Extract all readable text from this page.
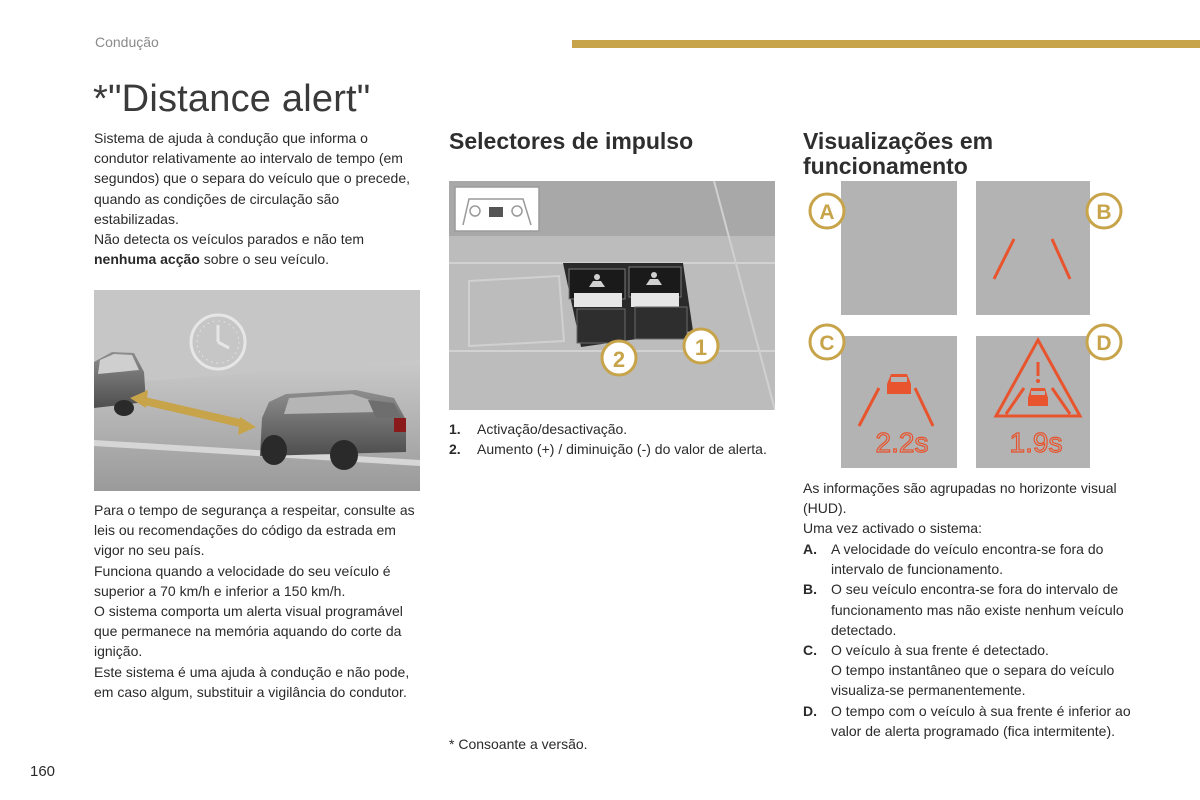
Condução
*"Distance alert"

Sistema de ajuda à condução que informa o condutor relativamente ao intervalo de tempo (em segundos) que o separa do veículo que o precede, quando as condições de circulação são estabilizadas.

Não detecta os veículos parados e não tem nenhuma acção sobre o seu veículo.

Para o tempo de segurança a respeitar, consulte as leis ou recomendações do código da estrada em vigor no seu país.

Funciona quando a velocidade do seu veículo é superior a 70 km/h e inferior a 150 km/h.

O sistema comporta um alerta visual programável que permanece na memória aquando do corte da ignição.

Este sistema é uma ajuda à condução e não pode, em caso algum, substituir a vigilância do condutor.

Selectores de impulso
2	1
1.	Activação/desactivação.
2.	Aumento (+) / diminuição (-) do valor de alerta.
* Consoante a versão.
Visualizações em funcionamento
A	B
2.2s
C
1.9s
D

As informações são agrupadas no horizonte visual (HUD).

Uma vez activado o sistema:

A.	A velocidade do veículo encontra-se fora do intervalo de funcionamento.

B.	O seu veículo encontra-se fora do intervalo de funcionamento mas não existe nenhum veículo detectado.

C.	O veículo à sua frente é detectado.

O tempo instantâneo que o separa do veículo visualiza-se permanentemente.

D.	O tempo com o veículo à sua frente é inferior ao valor de alerta programado (fica intermitente).

160
